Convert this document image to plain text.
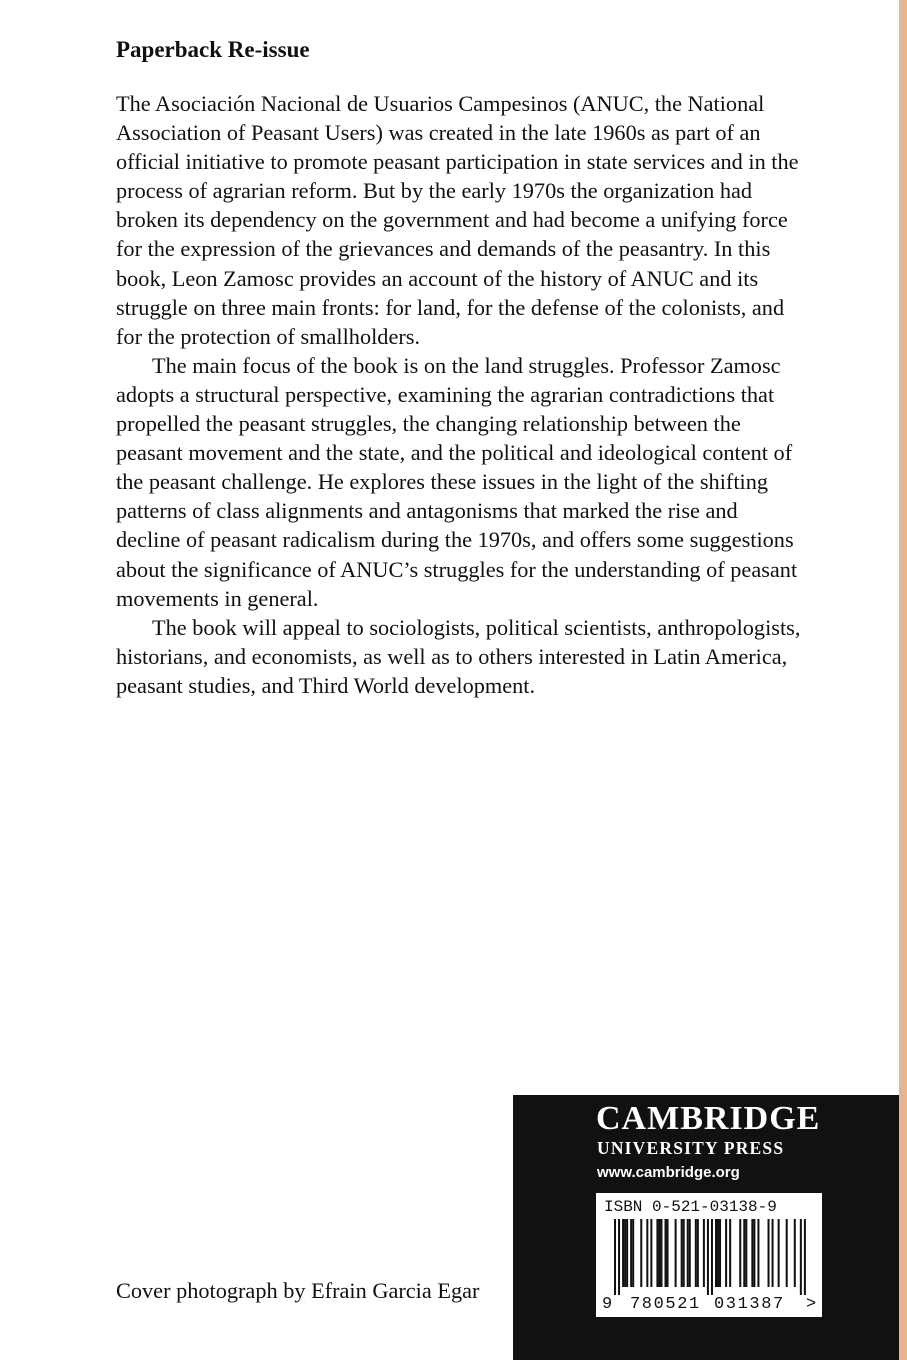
Paperback Re-issue

The Asociación Nacional de Usuarios Campesinos (ANUC, the National Association of Peasant Users) was created in the late 1960s as part of an official initiative to promote peasant participation in state services and in the process of agrarian reform. But by the early 1970s the organization had broken its dependency on the government and had become a unifying force for the expression of the grievances and demands of the peasantry. In this book, Leon Zamosc provides an account of the history of ANUC and its struggle on three main fronts: for land, for the defense of the colonists, and for the protection of smallholders.

The main focus of the book is on the land struggles. Professor Zamosc adopts a structural perspective, examining the agrarian contradictions that propelled the peasant struggles, the changing relationship between the peasant movement and the state, and the political and ideological content of the peasant challenge. He explores these issues in the light of the shifting patterns of class alignments and antagonisms that marked the rise and decline of peasant radicalism during the 1970s, and offers some suggestions about the significance of ANUC’s struggles for the understanding of peasant movements in general.

The book will appeal to sociologists, political scientists, anthropologists, historians, and economists, as well as to others interested in Latin America, peasant studies, and Third World development.

Cover photograph by Efrain Garcia Egar
CAMBRIDGE
UNIVERSITY PRESS
www.cambridge.org
ISBN 0-521-03138-9
9 780521 031387 >
